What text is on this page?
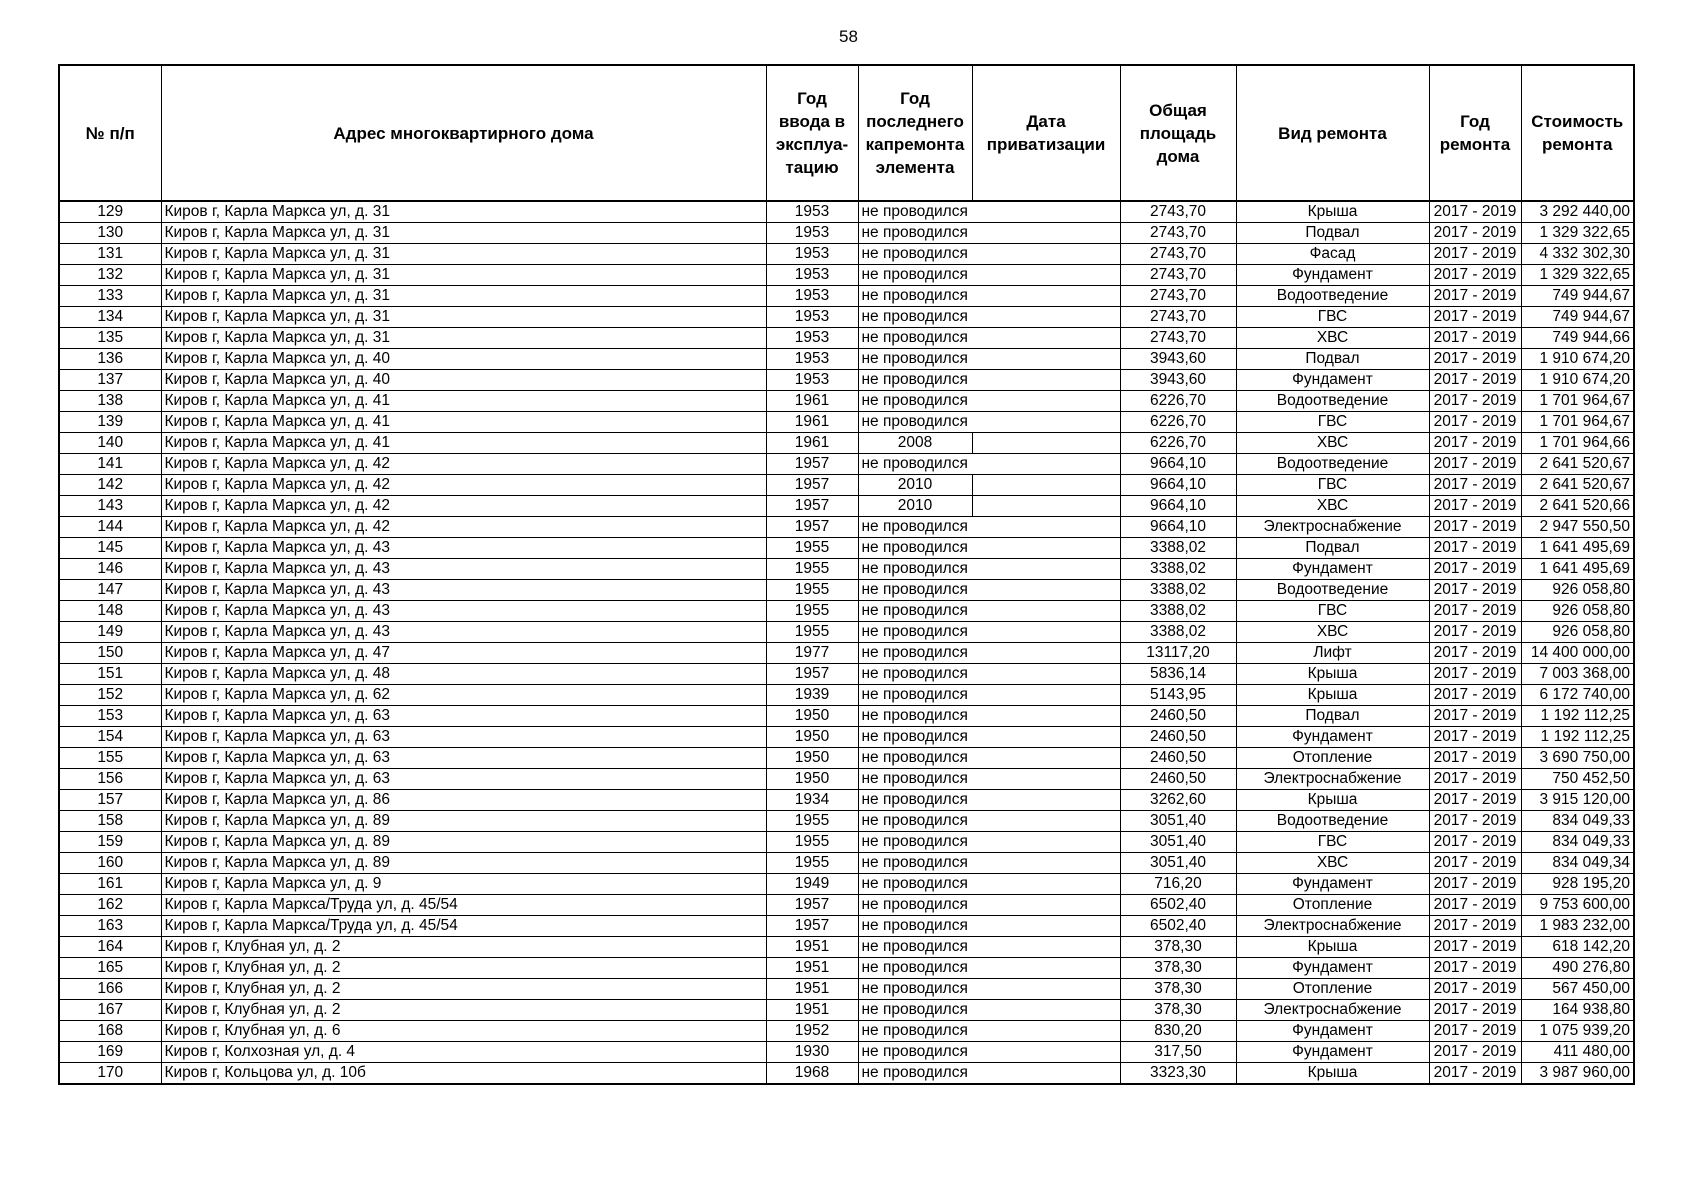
58
№ п/п	Адрес многоквартирного дома	Год ввода в эксплуа-тацию	Год последнего капремонта элемента	Дата приватизации	Общая площадь дома	Вид ремонта	Год ремонта	Стоимость ремонта
129	Киров г, Карла Маркса ул, д. 31	1953	не проводился		2743,70	Крыша	2017 - 2019	3 292 440,00
130	Киров г, Карла Маркса ул, д. 31	1953	не проводился		2743,70	Подвал	2017 - 2019	1 329 322,65
131	Киров г, Карла Маркса ул, д. 31	1953	не проводился		2743,70	Фасад	2017 - 2019	4 332 302,30
132	Киров г, Карла Маркса ул, д. 31	1953	не проводился		2743,70	Фундамент	2017 - 2019	1 329 322,65
133	Киров г, Карла Маркса ул, д. 31	1953	не проводился		2743,70	Водоотведение	2017 - 2019	749 944,67
134	Киров г, Карла Маркса ул, д. 31	1953	не проводился		2743,70	ГВС	2017 - 2019	749 944,67
135	Киров г, Карла Маркса ул, д. 31	1953	не проводился		2743,70	ХВС	2017 - 2019	749 944,66
136	Киров г, Карла Маркса ул, д. 40	1953	не проводился		3943,60	Подвал	2017 - 2019	1 910 674,20
137	Киров г, Карла Маркса ул, д. 40	1953	не проводился		3943,60	Фундамент	2017 - 2019	1 910 674,20
138	Киров г, Карла Маркса ул, д. 41	1961	не проводился		6226,70	Водоотведение	2017 - 2019	1 701 964,67
139	Киров г, Карла Маркса ул, д. 41	1961	не проводился		6226,70	ГВС	2017 - 2019	1 701 964,67
140	Киров г, Карла Маркса ул, д. 41	1961	2008		6226,70	ХВС	2017 - 2019	1 701 964,66
141	Киров г, Карла Маркса ул, д. 42	1957	не проводился		9664,10	Водоотведение	2017 - 2019	2 641 520,67
142	Киров г, Карла Маркса ул, д. 42	1957	2010		9664,10	ГВС	2017 - 2019	2 641 520,67
143	Киров г, Карла Маркса ул, д. 42	1957	2010		9664,10	ХВС	2017 - 2019	2 641 520,66
144	Киров г, Карла Маркса ул, д. 42	1957	не проводился		9664,10	Электроснабжение	2017 - 2019	2 947 550,50
145	Киров г, Карла Маркса ул, д. 43	1955	не проводился		3388,02	Подвал	2017 - 2019	1 641 495,69
146	Киров г, Карла Маркса ул, д. 43	1955	не проводился		3388,02	Фундамент	2017 - 2019	1 641 495,69
147	Киров г, Карла Маркса ул, д. 43	1955	не проводился		3388,02	Водоотведение	2017 - 2019	926 058,80
148	Киров г, Карла Маркса ул, д. 43	1955	не проводился		3388,02	ГВС	2017 - 2019	926 058,80
149	Киров г, Карла Маркса ул, д. 43	1955	не проводился		3388,02	ХВС	2017 - 2019	926 058,80
150	Киров г, Карла Маркса ул, д. 47	1977	не проводился		13117,20	Лифт	2017 - 2019	14 400 000,00
151	Киров г, Карла Маркса ул, д. 48	1957	не проводился		5836,14	Крыша	2017 - 2019	7 003 368,00
152	Киров г, Карла Маркса ул, д. 62	1939	не проводился		5143,95	Крыша	2017 - 2019	6 172 740,00
153	Киров г, Карла Маркса ул, д. 63	1950	не проводился		2460,50	Подвал	2017 - 2019	1 192 112,25
154	Киров г, Карла Маркса ул, д. 63	1950	не проводился		2460,50	Фундамент	2017 - 2019	1 192 112,25
155	Киров г, Карла Маркса ул, д. 63	1950	не проводился		2460,50	Отопление	2017 - 2019	3 690 750,00
156	Киров г, Карла Маркса ул, д. 63	1950	не проводился		2460,50	Электроснабжение	2017 - 2019	750 452,50
157	Киров г, Карла Маркса ул, д. 86	1934	не проводился		3262,60	Крыша	2017 - 2019	3 915 120,00
158	Киров г, Карла Маркса ул, д. 89	1955	не проводился		3051,40	Водоотведение	2017 - 2019	834 049,33
159	Киров г, Карла Маркса ул, д. 89	1955	не проводился		3051,40	ГВС	2017 - 2019	834 049,33
160	Киров г, Карла Маркса ул, д. 89	1955	не проводился		3051,40	ХВС	2017 - 2019	834 049,34
161	Киров г, Карла Маркса ул, д. 9	1949	не проводился		716,20	Фундамент	2017 - 2019	928 195,20
162	Киров г, Карла Маркса/Труда ул, д. 45/54	1957	не проводился		6502,40	Отопление	2017 - 2019	9 753 600,00
163	Киров г, Карла Маркса/Труда ул, д. 45/54	1957	не проводился		6502,40	Электроснабжение	2017 - 2019	1 983 232,00
164	Киров г, Клубная ул, д. 2	1951	не проводился		378,30	Крыша	2017 - 2019	618 142,20
165	Киров г, Клубная ул, д. 2	1951	не проводился		378,30	Фундамент	2017 - 2019	490 276,80
166	Киров г, Клубная ул, д. 2	1951	не проводился		378,30	Отопление	2017 - 2019	567 450,00
167	Киров г, Клубная ул, д. 2	1951	не проводился		378,30	Электроснабжение	2017 - 2019	164 938,80
168	Киров г, Клубная ул, д. 6	1952	не проводился		830,20	Фундамент	2017 - 2019	1 075 939,20
169	Киров г, Колхозная ул, д. 4	1930	не проводился		317,50	Фундамент	2017 - 2019	411 480,00
170	Киров г, Кольцова ул, д. 10б	1968	не проводился		3323,30	Крыша	2017 - 2019	3 987 960,00
